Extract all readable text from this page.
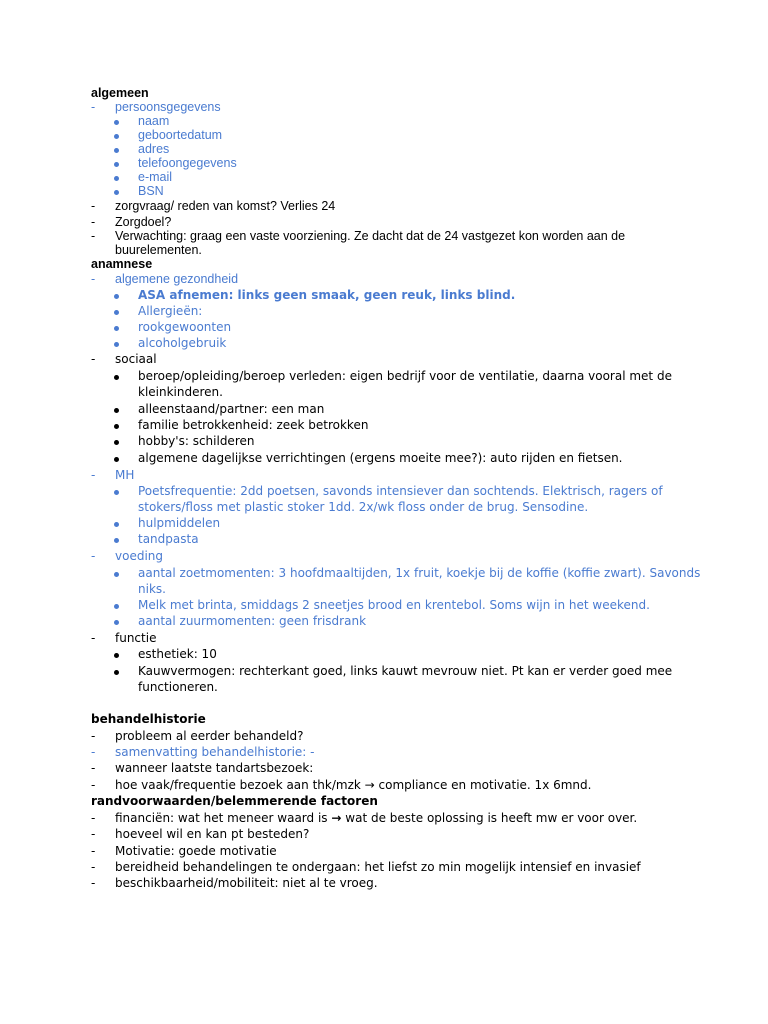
algemeen
- persoonsgegevens
naam
geboortedatum
adres
telefoongegevens
e-mail
BSN
- zorgvraag/ reden van komst? Verlies 24
- Zorgdoel?
- Verwachting: graag een vaste voorziening. Ze dacht dat de 24 vastgezet kon worden aan de
buurelementen.
anamnese
- algemene gezondheid
ASA afnemen: links geen smaak, geen reuk, links blind.
Allergieën:
rookgewoonten
alcoholgebruik
- sociaal
beroep/opleiding/beroep verleden: eigen bedrijf voor de ventilatie, daarna vooral met de
kleinkinderen.
alleenstaand/partner: een man
familie betrokkenheid: zeek betrokken
hobby's: schilderen
algemene dagelijkse verrichtingen (ergens moeite mee?): auto rijden en fietsen.
- MH
Poetsfrequentie: 2dd poetsen, savonds intensiever dan sochtends. Elektrisch, ragers of
stokers/floss met plastic stoker 1dd. 2x/wk floss onder de brug. Sensodine.
hulpmiddelen
tandpasta
- voeding
aantal zoetmomenten: 3 hoofdmaaltijden, 1x fruit, koekje bij de koffie (koffie zwart). Savonds
niks.
Melk met brinta, smiddags 2 sneetjes brood en krentebol. Soms wijn in het weekend.
aantal zuurmomenten: geen frisdrank
- functie
esthetiek: 10
Kauwvermogen: rechterkant goed, links kauwt mevrouw niet. Pt kan er verder goed mee
functioneren.
behandelhistorie
- probleem al eerder behandeld?
- samenvatting behandelhistorie: -
- wanneer laatste tandartsbezoek:
- hoe vaak/frequentie bezoek aan thk/mzk → compliance en motivatie. 1x 6mnd.
randvoorwaarden/belemmerende factoren
- financiën: wat het meneer waard is → wat de beste oplossing is heeft mw er voor over.
- hoeveel wil en kan pt besteden?
- Motivatie: goede motivatie
- bereidheid behandelingen te ondergaan: het liefst zo min mogelijk intensief en invasief
- beschikbaarheid/mobiliteit: niet al te vroeg.
